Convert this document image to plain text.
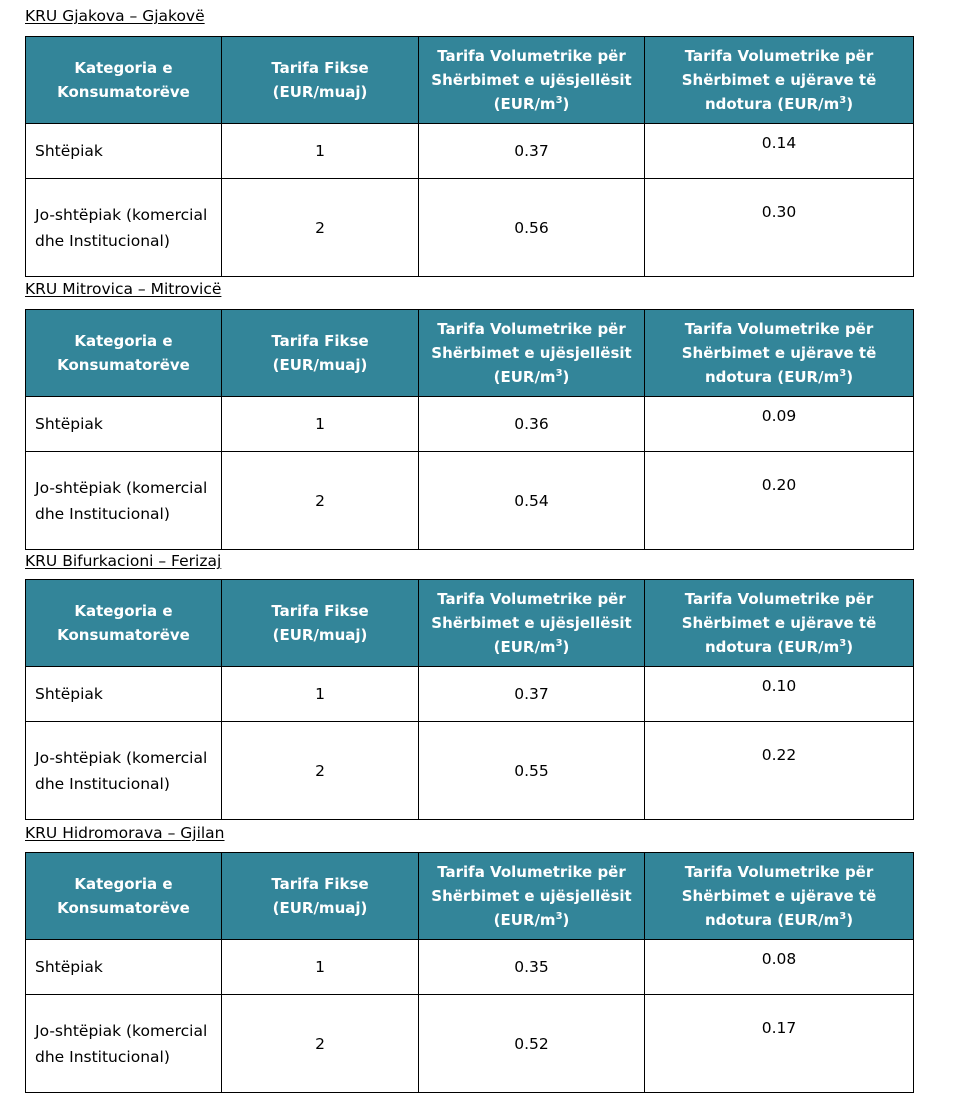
KRU Gjakova – Gjakovë
Kategoria e Konsumatorëve	Tarifa Fikse (EUR/muaj)	Tarifa Volumetrike për Shërbimet e ujësjellësit $(EUR/m^3)$	Tarifa Volumetrike për Shërbimet e ujërave të ndotura $(EUR/m^3)$
Shtëpiak	1	0.37	0.14
Jo-shtëpiak (komercial dhe Institucional)	2	0.56	0.30
KRU Mitrovica – Mitrovicë
Kategoria e Konsumatorëve	Tarifa Fikse (EUR/muaj)	Tarifa Volumetrike për Shërbimet e ujësjellësit $(EUR/m^3)$	Tarifa Volumetrike për Shërbimet e ujërave të ndotura $(EUR/m^3)$
Shtëpiak	1	0.36	0.09
Jo-shtëpiak (komercial dhe Institucional)	2	0.54	0.20
KRU Bifurkacioni – Ferizaj
Kategoria e Konsumatorëve	Tarifa Fikse (EUR/muaj)	Tarifa Volumetrike për Shërbimet e ujësjellësit $(EUR/m^3)$	Tarifa Volumetrike për Shërbimet e ujërave të ndotura $(EUR/m^3)$
Shtëpiak	1	0.37	0.10
Jo-shtëpiak (komercial dhe Institucional)	2	0.55	0.22
KRU Hidromorava – Gjilan
Kategoria e Konsumatorëve	Tarifa Fikse (EUR/muaj)	Tarifa Volumetrike për Shërbimet e ujësjellësit $(EUR/m^3)$	Tarifa Volumetrike për Shërbimet e ujërave të ndotura $(EUR/m^3)$
Shtëpiak	1	0.35	0.08
Jo-shtëpiak (komercial dhe Institucional)	2	0.52	0.17
